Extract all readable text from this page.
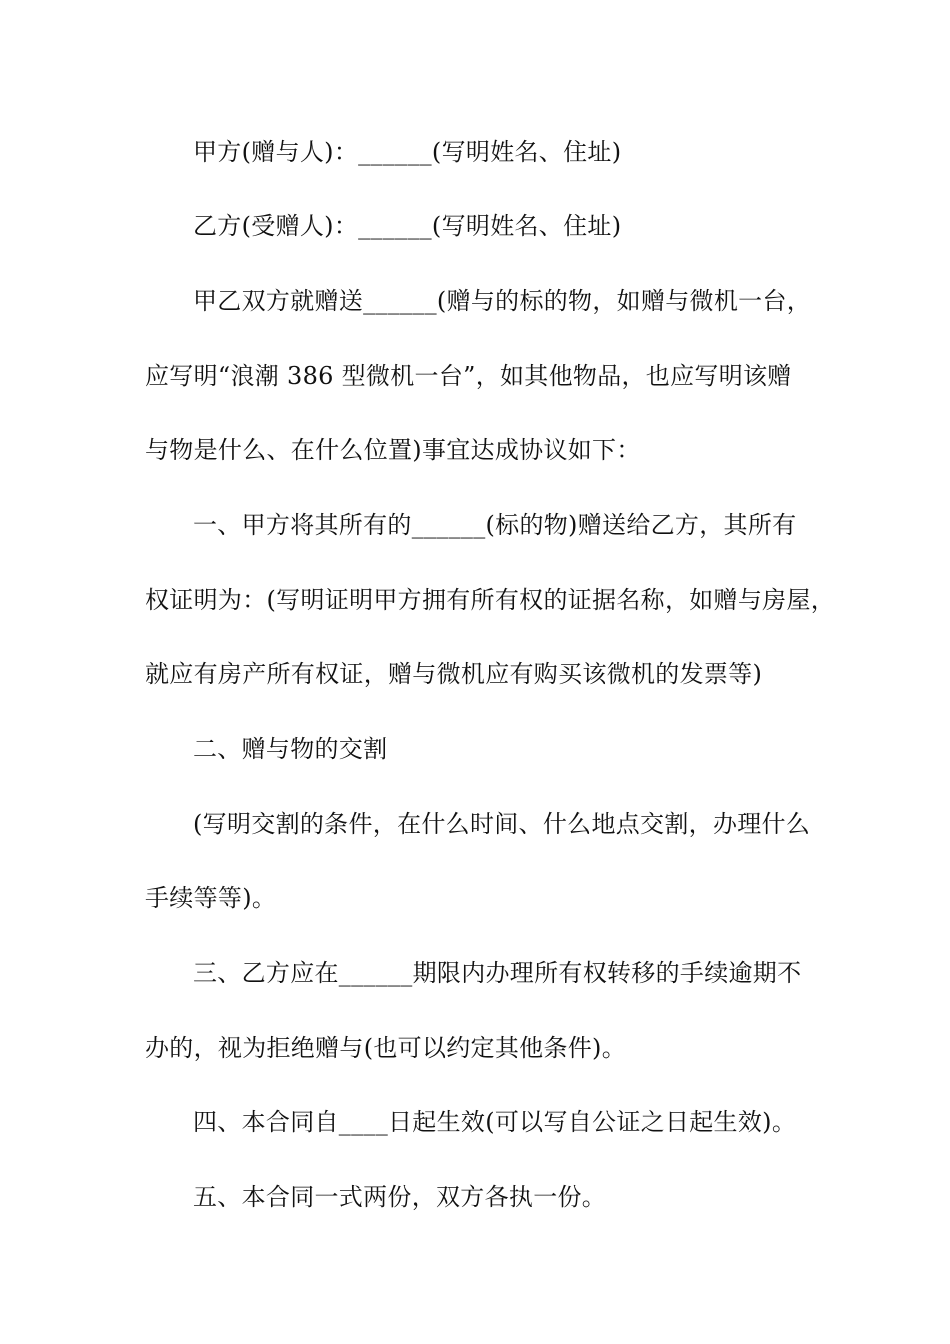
甲方(赠与人)：______(写明姓名、住址)
乙方(受赠人)：______(写明姓名、住址)
甲乙双方就赠送______(赠与的标的物，如赠与微机一台，
应写明“浪潮 386 型微机一台”，如其他物品，也应写明该赠
与物是什么、在什么位置)事宜达成协议如下：
一、甲方将其所有的______(标的物)赠送给乙方，其所有
权证明为：(写明证明甲方拥有所有权的证据名称，如赠与房屋，
就应有房产所有权证，赠与微机应有购买该微机的发票等)
二、赠与物的交割
(写明交割的条件，在什么时间、什么地点交割，办理什么
手续等等)。
三、乙方应在______期限内办理所有权转移的手续逾期不
办的，视为拒绝赠与(也可以约定其他条件)。
四、本合同自____日起生效(可以写自公证之日起生效)。
五、本合同一式两份，双方各执一份。
